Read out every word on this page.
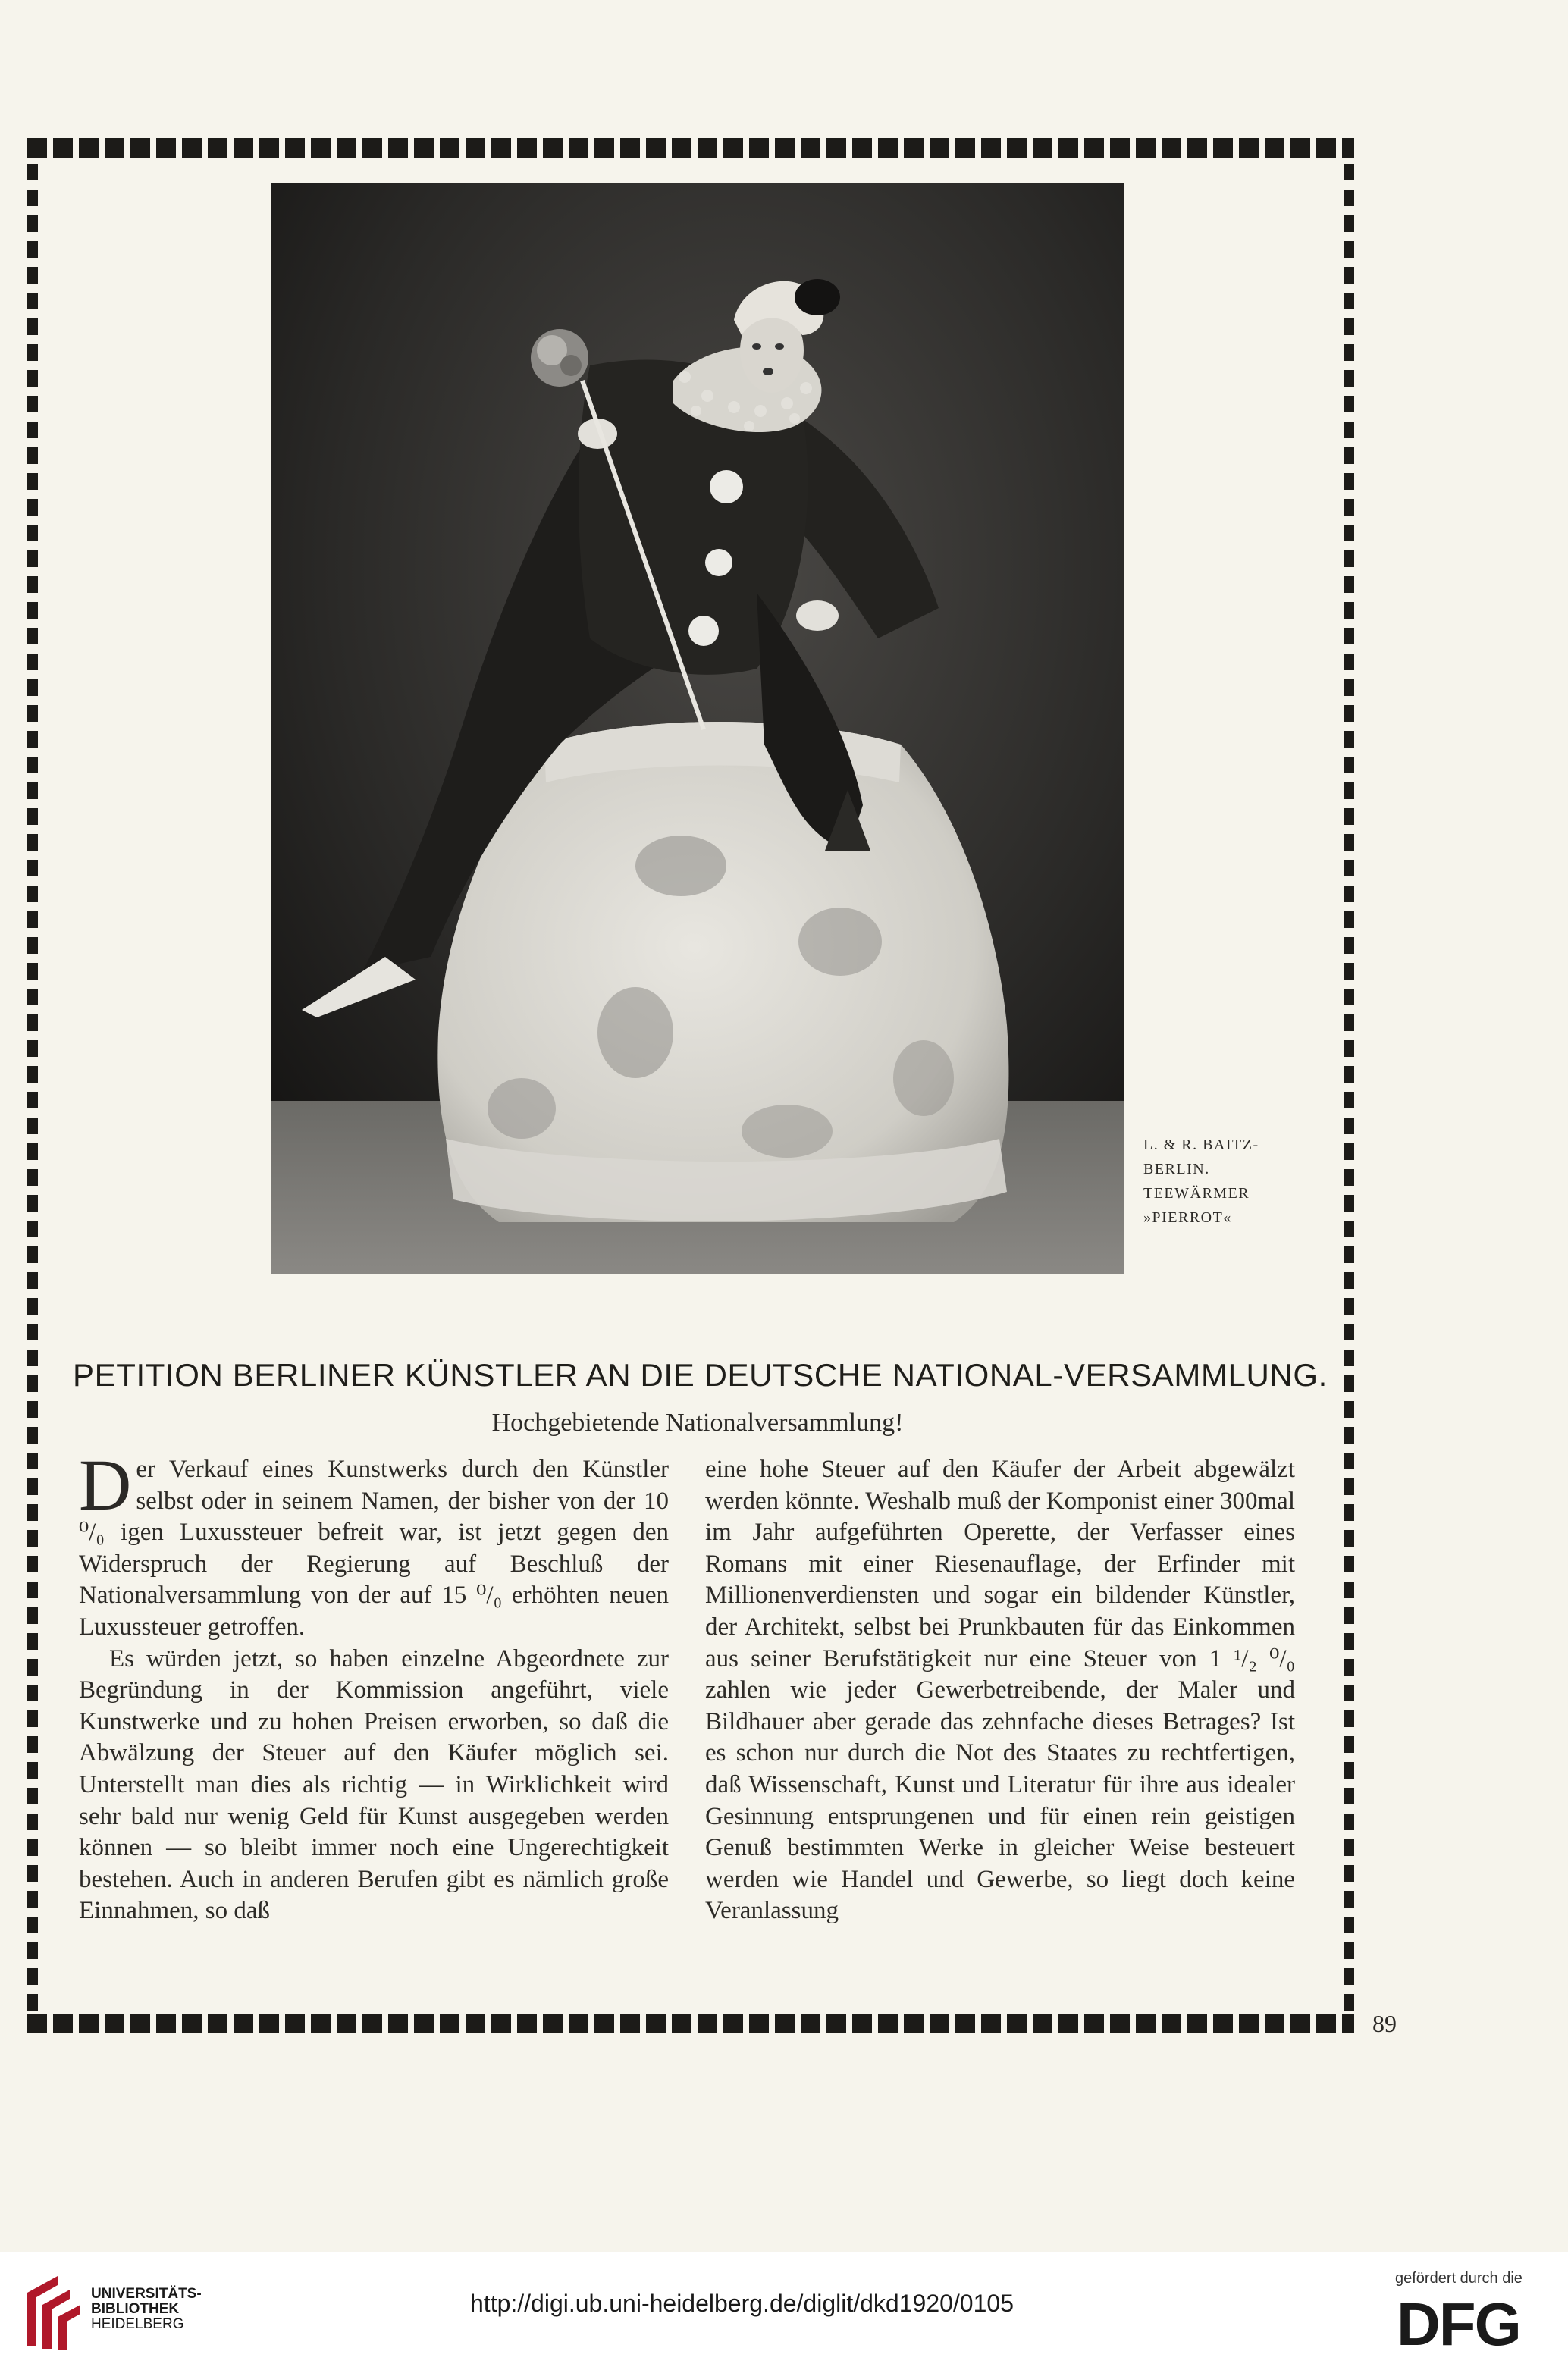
L. & R. BAITZ-
BERLIN.
TEEWÄRMER
»PIERROT«
PETITION BERLINER KÜNSTLER AN DIE DEUTSCHE NATIONAL-VERSAMMLUNG.
Hochgebietende Nationalversammlung!

Der Verkauf eines Kunstwerks durch den Künstler selbst oder in seinem Namen, der bisher von der 10 ⁰/₀ igen Luxussteuer befreit war, ist jetzt gegen den Widerspruch der Regierung auf Beschluß der Nationalversammlung von der auf 15 ⁰/₀ erhöhten neuen Luxussteuer getroffen.

Es würden jetzt, so haben einzelne Abgeordnete zur Begründung in der Kommission angeführt, viele Kunstwerke und zu hohen Preisen erworben, so daß die Abwälzung der Steuer auf den Käufer möglich sei. Unterstellt man dies als richtig — in Wirklichkeit wird sehr bald nur wenig Geld für Kunst ausgegeben werden können — so bleibt immer noch eine Ungerechtigkeit bestehen. Auch in anderen Berufen gibt es nämlich große Einnahmen, so daß

eine hohe Steuer auf den Käufer der Arbeit abgewälzt werden könnte. Weshalb muß der Komponist einer 300mal im Jahr aufgeführten Operette, der Verfasser eines Romans mit einer Riesenauflage, der Erfinder mit Millionenverdiensten und sogar ein bildender Künstler, der Architekt, selbst bei Prunkbauten für das Einkommen aus seiner Berufstätigkeit nur eine Steuer von 1 ¹/₂ ⁰/₀ zahlen wie jeder Gewerbetreibende, der Maler und Bildhauer aber gerade das zehnfache dieses Betrages? Ist es schon nur durch die Not des Staates zu rechtfertigen, daß Wissenschaft, Kunst und Literatur für ihre aus idealer Gesinnung entsprungenen und für einen rein geistigen Genuß bestimmten Werke in gleicher Weise besteuert werden wie Handel und Gewerbe, so liegt doch keine Veranlassung

89
UNIVERSITÄTS-
BIBLIOTHEK
HEIDELBERG
http://digi.ub.uni-heidelberg.de/diglit/dkd1920/0105
gefördert durch die
DFG
